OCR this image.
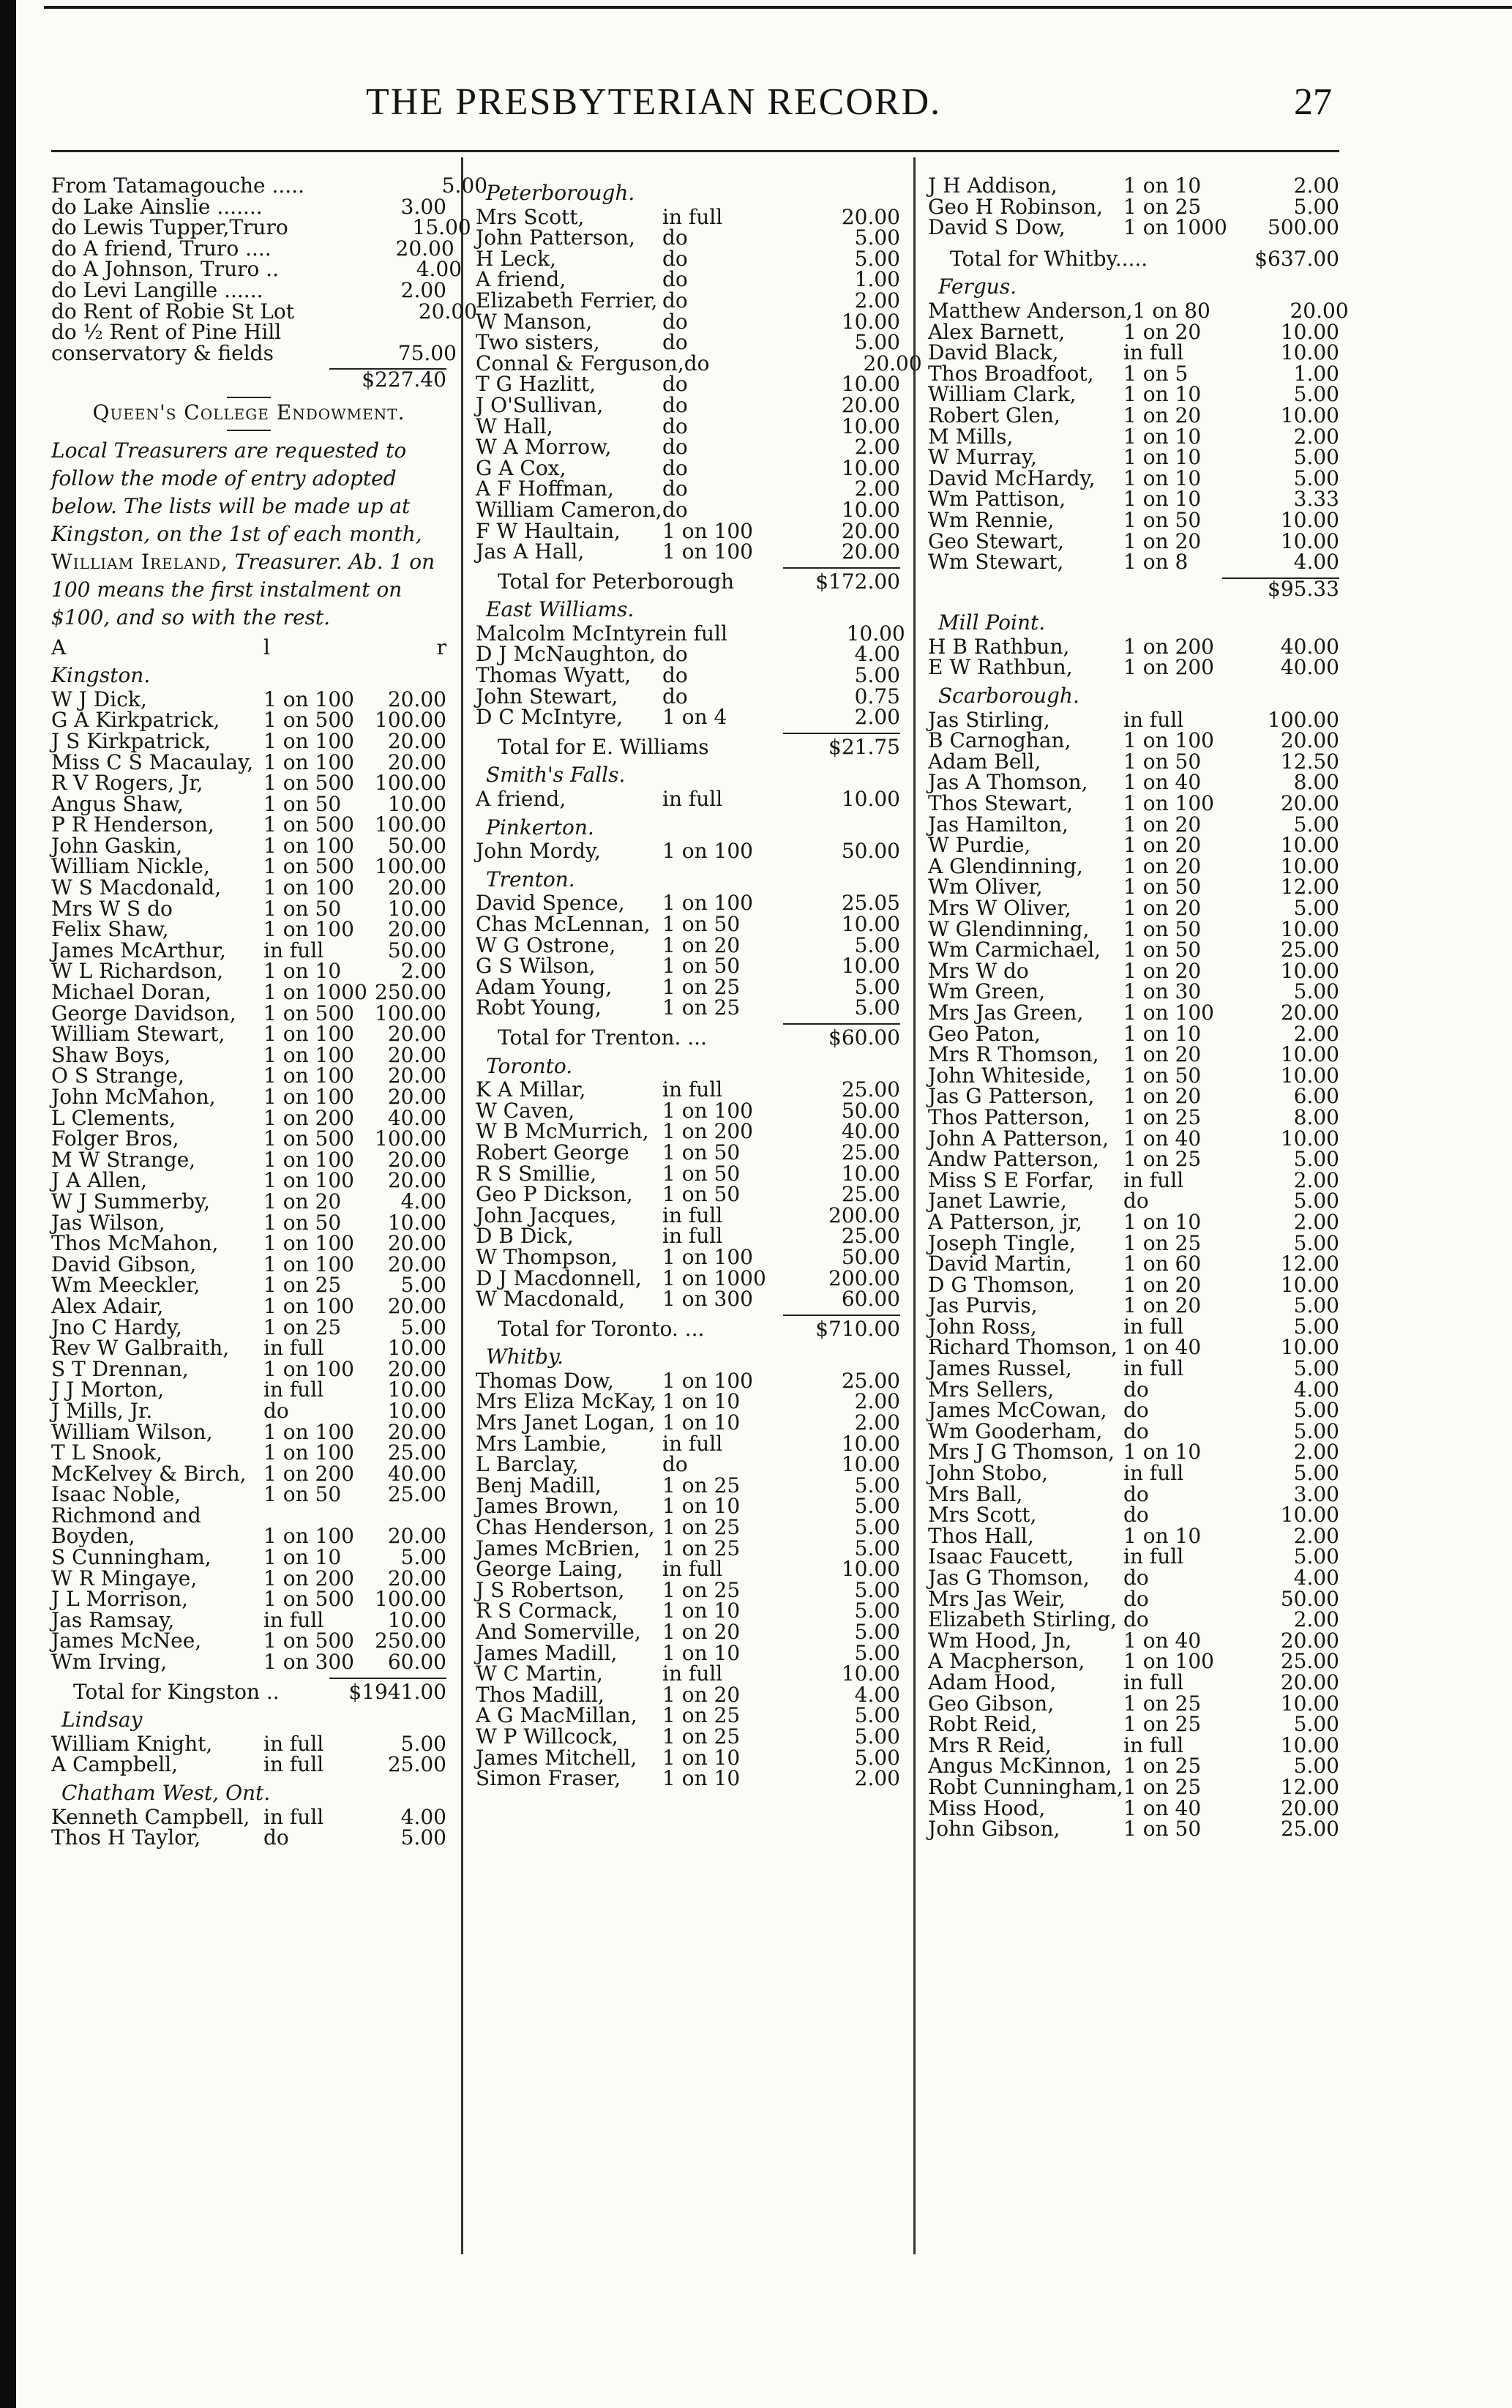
THE PRESBYTERIAN RECORD.	27
From Tatamagouche .....	5.00
do Lake Ainslie .......	3.00
do Lewis Tupper,Truro	15.00
do A friend, Truro ....	20.00
do A Johnson, Truro ..	4.00
do Levi Langille ......	2.00
do Rent of Robie St Lot	20.00
do ½ Rent of Pine Hill
conservatory & fields	75.00
$227.40
Queen's College Endowment.
Local Treasurers are requested to follow the mode of entry adopted below. The lists will be made up at Kingston, on the 1st of each month, William Ireland, Treasurer. Ab. 1 on 100 means the first instalment on $100, and so with the rest.
A	l	r
Kingston.
W J Dick,	1 on 100	20.00
G A Kirkpatrick,	1 on 500	100.00
J S Kirkpatrick,	1 on 100	20.00
Miss C S Macaulay, 1 on 100	20.00
R V Rogers, Jr,	1 on 500	100.00
Angus Shaw,	1 on 50	10.00
P R Henderson,	1 on 500	100.00
John Gaskin,	1 on 100	50.00
William Nickle,	1 on 500	100.00
W S Macdonald,	1 on 100	20.00
Mrs W S do	1 on 50	10.00
Felix Shaw,	1 on 100	20.00
James McArthur,	in full	50.00
W L Richardson,	1 on 10	2.00
Michael Doran,	1 on 1000 250.00
George Davidson,	1 on 500	100.00
William Stewart,	1 on 100	20.00
Shaw Boys,	1 on 100	20.00
O S Strange,	1 on 100	20.00
John McMahon,	1 on 100	20.00
L Clements,	1 on 200	40.00
Folger Bros,	1 on 500	100.00
M W Strange,	1 on 100	20.00
J A Allen,	1 on 100	20.00
W J Summerby,	1 on 20	4.00
Jas Wilson,	1 on 50	10.00
Thos McMahon,	1 on 100	20.00
David Gibson,	1 on 100	20.00
Wm Meeckler,	1 on 25	5.00
Alex Adair,	1 on 100	20.00
Jno C Hardy,	1 on 25	5.00
Rev W Galbraith,	in full	10.00
S T Drennan,	1 on 100	20.00
J J Morton,	in full	10.00
J Mills, Jr.	do	10.00
William Wilson,	1 on 100	20.00
T L Snook,	1 on 100	25.00
McKelvey & Birch, 1 on 200	40.00
Isaac Noble,	1 on 50	25.00
Richmond and
Boyden,	1 on 100	20.00
S Cunningham,	1 on 10	5.00
W R Mingaye,	1 on 200	20.00
J L Morrison,	1 on 500	100.00
Jas Ramsay,	in full	10.00
James McNee,	1 on 500	250.00
Wm Irving,	1 on 300	60.00
Total for Kingston ..	$1941.00
Lindsay
William Knight,	in full	5.00
A Campbell,	in full	25.00
Chatham West, Ont.
Kenneth Campbell, in full	4.00
Thos H Taylor,	do	5.00
Peterborough.
Mrs Scott,	in full	20.00
John Patterson,	do	5.00
H Leck,	do	5.00
A friend,	do	1.00
Elizabeth Ferrier, do	2.00
W Manson,	do	10.00
Two sisters,	do	5.00
Connal & Ferguson, do	20.00
T G Hazlitt,	do	10.00
J O'Sullivan,	do	20.00
W Hall,	do	10.00
W A Morrow,	do	2.00
G A Cox,	do	10.00
A F Hoffman,	do	2.00
William Cameron, do	10.00
F W Haultain,	1 on 100	20.00
Jas A Hall,	1 on 100	20.00
Total for Peterborough	$172.00
East Williams.
Malcolm McIntyre in full	10.00
D J McNaughton, do	4.00
Thomas Wyatt,	do	5.00
John Stewart,	do	0.75
D C McIntyre,	1 on 4	2.00
Total for E. Williams	$21.75
Smith's Falls.
A friend,	in full	10.00
Pinkerton.
John Mordy,	1 on 100	50.00
Trenton.
David Spence,	1 on 100	25.05
Chas McLennan, 1 on 50	10.00
W G Ostrone,	1 on 20	5.00
G S Wilson,	1 on 50	10.00
Adam Young,	1 on 25	5.00
Robt Young,	1 on 25	5.00
Total for Trenton. ...	$60.00
Toronto.
K A Millar,	in full	25.00
W Caven,	1 on 100	50.00
W B McMurrich, 1 on 200	40.00
Robert George	1 on 50	25.00
R S Smillie,	1 on 50	10.00
Geo P Dickson,	1 on 50	25.00
John Jacques,	in full	200.00
D B Dick,	in full	25.00
W Thompson,	1 on 100	50.00
D J Macdonnell,	1 on 1000	200.00
W Macdonald,	1 on 300	60.00
Total for Toronto. ...	$710.00
Whitby.
Thomas Dow,	1 on 100	25.00
Mrs Eliza McKay, 1 on 10	2.00
Mrs Janet Logan, 1 on 10	2.00
Mrs Lambie,	in full	10.00
L Barclay,	do	10.00
Benj Madill,	1 on 25	5.00
James Brown,	1 on 10	5.00
Chas Henderson, 1 on 25	5.00
James McBrien,	1 on 25	5.00
George Laing,	in full	10.00
J S Robertson,	1 on 25	5.00
R S Cormack,	1 on 10	5.00
And Somerville,	1 on 20	5.00
James Madill,	1 on 10	5.00
W C Martin,	in full	10.00
Thos Madill,	1 on 20	4.00
A G MacMillan,	1 on 25	5.00
W P Willcock,	1 on 25	5.00
James Mitchell,	1 on 10	5.00
Simon Fraser,	1 on 10	2.00
J H Addison,	1 on 10	2.00
Geo H Robinson, 1 on 25	5.00
David S Dow,	1 on 1000	500.00
Total for Whitby.....	$637.00
Fergus.
Matthew Anderson, 1 on 80	20.00
Alex Barnett,	1 on 20	10.00
David Black,	in full	10.00
Thos Broadfoot,	1 on 5	1.00
William Clark,	1 on 10	5.00
Robert Glen,	1 on 20	10.00
M Mills,	1 on 10	2.00
W Murray,	1 on 10	5.00
David McHardy,	1 on 10	5.00
Wm Pattison,	1 on 10	3.33
Wm Rennie,	1 on 50	10.00
Geo Stewart,	1 on 20	10.00
Wm Stewart,	1 on 8	4.00
$95.33
Mill Point.
H B Rathbun,	1 on 200	40.00
E W Rathbun,	1 on 200	40.00
Scarborough.
Jas Stirling,	in full	100.00
B Carnoghan,	1 on 100	20.00
Adam Bell,	1 on 50	12.50
Jas A Thomson,	1 on 40	8.00
Thos Stewart,	1 on 100	20.00
Jas Hamilton,	1 on 20	5.00
W Purdie,	1 on 20	10.00
A Glendinning,	1 on 20	10.00
Wm Oliver,	1 on 50	12.00
Mrs W Oliver,	1 on 20	5.00
W Glendinning,	1 on 50	10.00
Wm Carmichael,	1 on 50	25.00
Mrs W do	1 on 20	10.00
Wm Green,	1 on 30	5.00
Mrs Jas Green,	1 on 100	20.00
Geo Paton,	1 on 10	2.00
Mrs R Thomson,	1 on 20	10.00
John Whiteside,	1 on 50	10.00
Jas G Patterson,	1 on 20	6.00
Thos Patterson,	1 on 25	8.00
John A Patterson, 1 on 40	10.00
Andw Patterson,	1 on 25	5.00
Miss S E Forfar,	in full	2.00
Janet Lawrie,	do	5.00
A Patterson, jr,	1 on 10	2.00
Joseph Tingle,	1 on 25	5.00
David Martin,	1 on 60	12.00
D G Thomson,	1 on 20	10.00
Jas Purvis,	1 on 20	5.00
John Ross,	in full	5.00
Richard Thomson, 1 on 40	10.00
James Russel,	in full	5.00
Mrs Sellers,	do	4.00
James McCowan, do	5.00
Wm Gooderham,	do	5.00
Mrs J G Thomson, 1 on 10	2.00
John Stobo,	in full	5.00
Mrs Ball,	do	3.00
Mrs Scott,	do	10.00
Thos Hall,	1 on 10	2.00
Isaac Faucett,	in full	5.00
Jas G Thomson,	do	4.00
Mrs Jas Weir,	do	50.00
Elizabeth Stirling, do	2.00
Wm Hood, Jn,	1 on 40	20.00
A Macpherson,	1 on 100	25.00
Adam Hood,	in full	20.00
Geo Gibson,	1 on 25	10.00
Robt Reid,	1 on 25	5.00
Mrs R Reid,	in full	10.00
Angus McKinnon, 1 on 25	5.00
Robt Cunningham, 1 on 25	12.00
Miss Hood,	1 on 40	20.00
John Gibson,	1 on 50	25.00
